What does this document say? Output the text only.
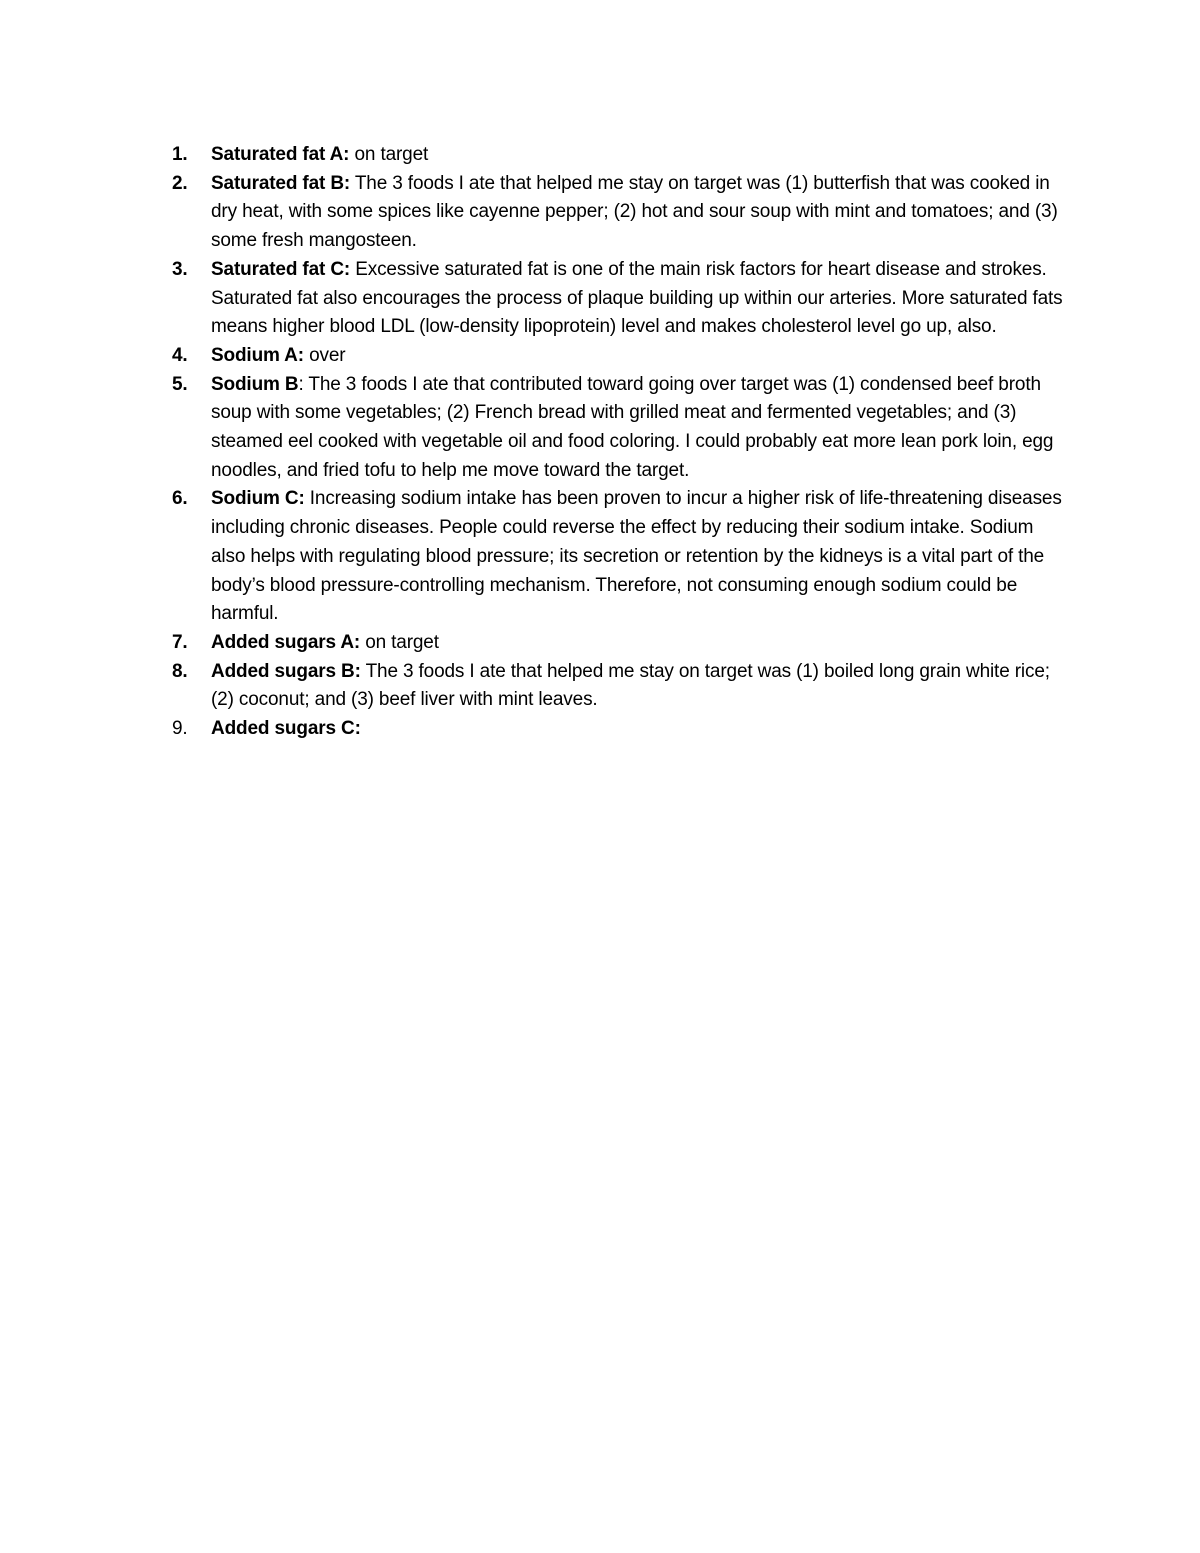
1.	Saturated fat A: on target
2.	Saturated fat B: The 3 foods I ate that helped me stay on target was (1) butterfish that was cooked in dry heat, with some spices like cayenne pepper; (2) hot and sour soup with mint and tomatoes; and (3) some fresh mangosteen.
3.	Saturated fat C: Excessive saturated fat is one of the main risk factors for heart disease and strokes. Saturated fat also encourages the process of plaque building up within our arteries. More saturated fats means higher blood LDL (low-density lipoprotein) level and makes cholesterol level go up, also.
4.	Sodium A: over
5.	Sodium B: The 3 foods I ate that contributed toward going over target was (1) condensed beef broth soup with some vegetables; (2) French bread with grilled meat and fermented vegetables; and (3) steamed eel cooked with vegetable oil and food coloring. I could probably eat more lean pork loin, egg noodles, and fried tofu to help me move toward the target.
6.	Sodium C: Increasing sodium intake has been proven to incur a higher risk of life-threatening diseases including chronic diseases. People could reverse the effect by reducing their sodium intake. Sodium also helps with regulating blood pressure; its secretion or retention by the kidneys is a vital part of the body’s blood pressure-controlling mechanism. Therefore, not consuming enough sodium could be harmful.
7.	Added sugars A: on target
8.	Added sugars B: The 3 foods I ate that helped me stay on target was (1) boiled long grain white rice; (2) coconut; and (3) beef liver with mint leaves.
9.	Added sugars C:
